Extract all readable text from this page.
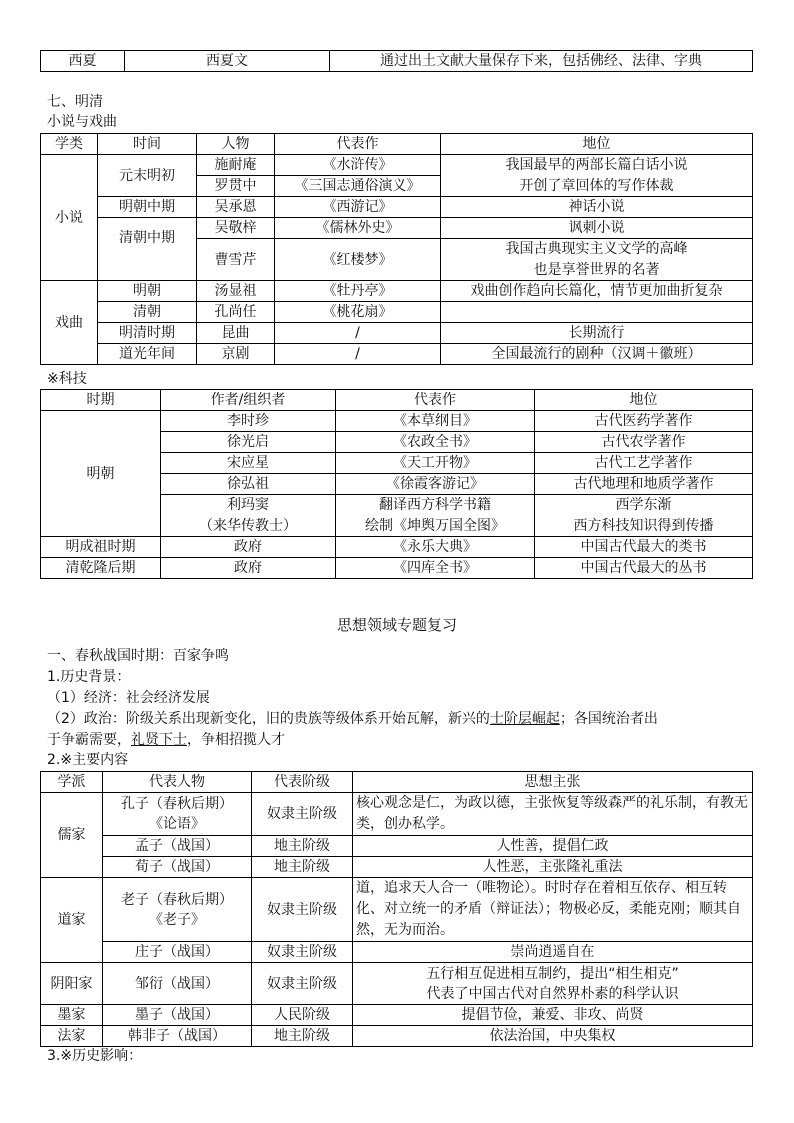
西夏	西夏文	通过出土文献大量保存下来，包括佛经、法律、字典
七、明清
小说与戏曲
学类	时间	人物	代表作	地位
小说	元末明初	施耐庵	《水浒传》	我国最早的两部长篇白话小说
		罗贯中	《三国志通俗演义》	开创了章回体的写作体裁
	明朝中期	吴承恩	《西游记》	神话小说
	清朝中期	吴敬梓	《儒林外史》	讽刺小说
		曹雪芹	《红楼梦》	我国古典现实主义文学的高峰
				也是享誉世界的名著
戏曲	明朝	汤显祖	《牡丹亭》	戏曲创作趋向长篇化，情节更加曲折复杂
	清朝	孔尚任	《桃花扇》	
	明清时期	昆曲	/	长期流行
	道光年间	京剧	/	全国最流行的剧种（汉调＋徽班）
※科技
时期	作者/组织者	代表作	地位
明朝	李时珍	《本草纲目》	古代医药学著作
	徐光启	《农政全书》	古代农学著作
	宋应星	《天工开物》	古代工艺学著作
	徐弘祖	《徐霞客游记》	古代地理和地质学著作
	利玛窦	翻译西方科学书籍	西学东渐
	（来华传教士）	绘制《坤舆万国全图》	西方科技知识得到传播
明成祖时期	政府	《永乐大典》	中国古代最大的类书
清乾隆后期	政府	《四库全书》	中国古代最大的丛书
思想领域专题复习
一、春秋战国时期：百家争鸣
1.历史背景：
（1）经济：社会经济发展
（2）政治：阶级关系出现新变化，旧的贵族等级体系开始瓦解，新兴的士阶层崛起；各国统治者出
于争霸需要，礼贤下士，争相招揽人才
2.※主要内容
学派	代表人物	代表阶级	思想主张
儒家	孔子（春秋后期）
《论语》	奴隶主阶级	核心观念是仁，为政以德，主张恢复等级森严的礼乐制，有教无类，创办私学。
	孟子（战国）	地主阶级	人性善，提倡仁政
	荀子（战国）	地主阶级	人性恶，主张隆礼重法
道家	老子（春秋后期）
《老子》	奴隶主阶级	道，追求天人合一（唯物论）。时时存在着相互依存、相互转化、对立统一的矛盾（辩证法）；物极必反，柔能克刚；顺其自然，无为而治。
	庄子（战国）	奴隶主阶级	崇尚逍遥自在
阴阳家	邹衍（战国）	奴隶主阶级	五行相互促进相互制约，提出“相生相克”
代表了中国古代对自然界朴素的科学认识

墨家	墨子（战国）	人民阶级	提倡节俭，兼爱、非攻、尚贤
法家	韩非子（战国）	地主阶级	依法治国，中央集权
3.※历史影响：
